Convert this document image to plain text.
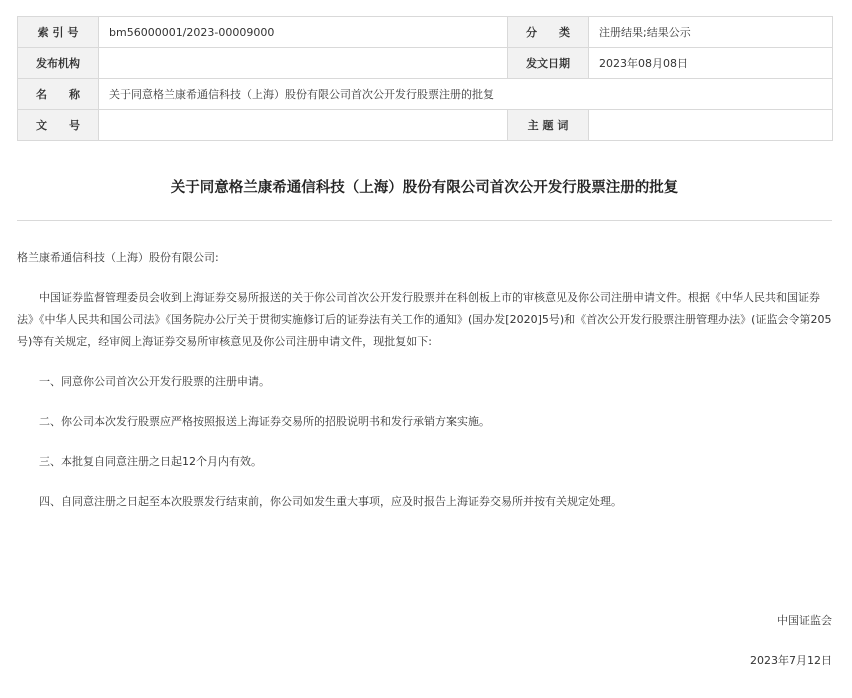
索 引 号	bm56000001/2023-00009000	分　　类	注册结果;结果公示
发布机构		发文日期	2023年08月08日
名　　称	关于同意格兰康希通信科技（上海）股份有限公司首次公开发行股票注册的批复		
文　　号		主 题 词	
关于同意格兰康希通信科技（上海）股份有限公司首次公开发行股票注册的批复

格兰康希通信科技（上海）股份有限公司:

中国证券监督管理委员会收到上海证券交易所报送的关于你公司首次公开发行股票并在科创板上市的审核意见及你公司注册申请文件。根据《中华人民共和国证券法》《中华人民共和国公司法》《国务院办公厅关于贯彻实施修订后的证券法有关工作的通知》(国办发[2020]5号)和《首次公开发行股票注册管理办法》(证监会令第205号)等有关规定，经审阅上海证券交易所审核意见及你公司注册申请文件，现批复如下:

一、同意你公司首次公开发行股票的注册申请。

二、你公司本次发行股票应严格按照报送上海证券交易所的招股说明书和发行承销方案实施。

三、本批复自同意注册之日起12个月内有效。

四、自同意注册之日起至本次股票发行结束前，你公司如发生重大事项，应及时报告上海证券交易所并按有关规定处理。

中国证监会
2023年7月12日
